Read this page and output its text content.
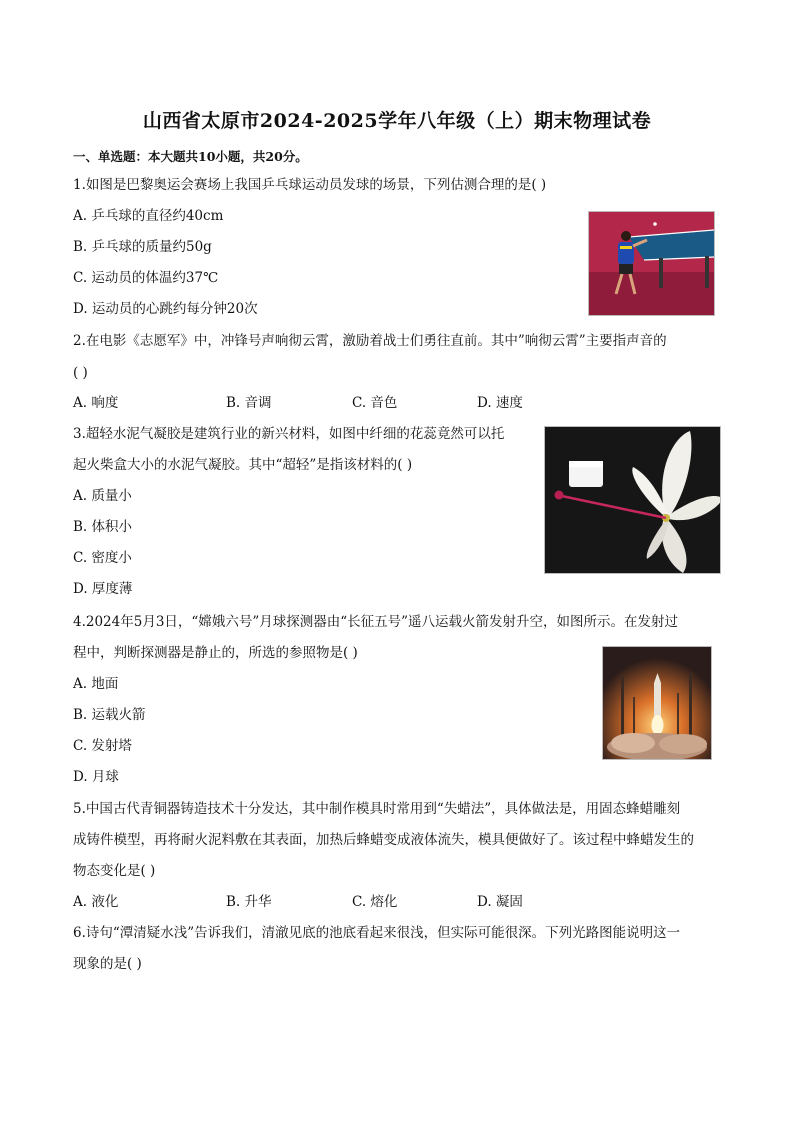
山西省太原市2024-2025学年八年级（上）期末物理试卷
一、单选题：本大题共10小题，共20分。
1.如图是巴黎奥运会赛场上我国乒乓球运动员发球的场景，下列估测合理的是( )
A. 乒乓球的直径约40cm
B. 乒乓球的质量约50g
C. 运动员的体温约37℃
D. 运动员的心跳约每分钟20次
2.在电影《志愿军》中，冲锋号声响彻云霄，激励着战士们勇往直前。其中”响彻云霄”主要指声音的
( )
A. 响度	B. 音调	C. 音色	D. 速度
3.超轻水泥气凝胶是建筑行业的新兴材料，如图中纤细的花蕊竟然可以托
起火柴盒大小的水泥气凝胶。其中“超轻”是指该材料的( )
A. 质量小
B. 体积小
C. 密度小
D. 厚度薄
4.2024年5月3日，“嫦娥六号”月球探测器由“长征五号”遥八运载火箭发射升空，如图所示。在发射过
程中，判断探测器是静止的，所选的参照物是( )
A. 地面
B. 运载火箭
C. 发射塔
D. 月球
5.中国古代青铜器铸造技术十分发达，其中制作模具时常用到“失蜡法”，具体做法是，用固态蜂蜡雕刻
成铸件模型，再将耐火泥料敷在其表面，加热后蜂蜡变成液体流失，模具便做好了。该过程中蜂蜡发生的
物态变化是( )
A. 液化	B. 升华	C. 熔化	D. 凝固
6.诗句“潭清疑水浅”告诉我们，清澈见底的池底看起来很浅，但实际可能很深。下列光路图能说明这一
现象的是( )
